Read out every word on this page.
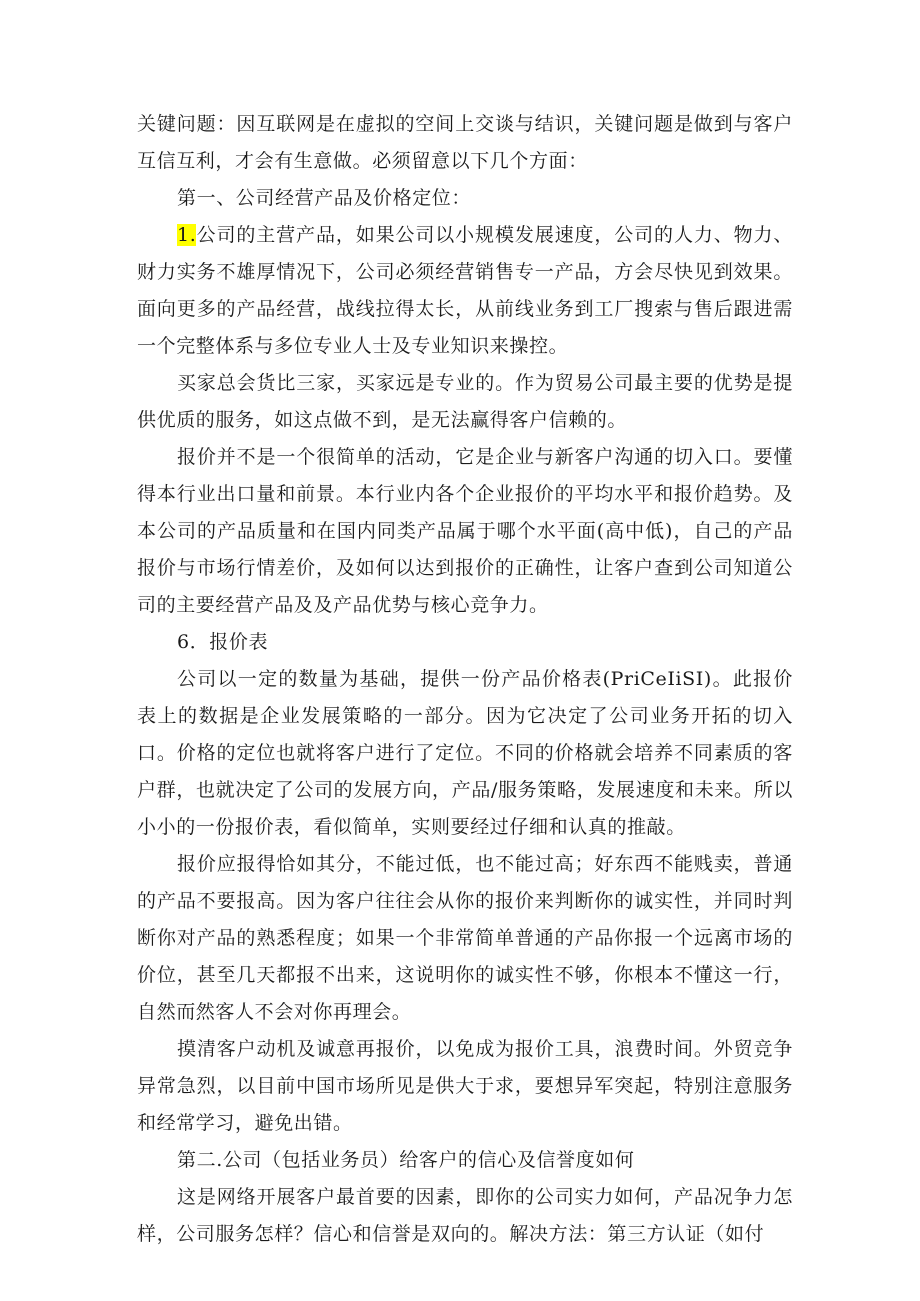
关键问题：因互联网是在虚拟的空间上交谈与结识，关键问题是做到与客户互信互利，才会有生意做。必须留意以下几个方面：

第一、公司经营产品及价格定位：

1.公司的主营产品，如果公司以小规模发展速度，公司的人力、物力、财力实务不雄厚情况下，公司必须经营销售专一产品，方会尽快见到效果。面向更多的产品经营，战线拉得太长，从前线业务到工厂搜索与售后跟进需一个完整体系与多位专业人士及专业知识来操控。

买家总会货比三家，买家远是专业的。作为贸易公司最主要的优势是提供优质的服务，如这点做不到，是无法赢得客户信赖的。

报价并不是一个很简单的活动，它是企业与新客户沟通的切入口。要懂得本行业出口量和前景。本行业内各个企业报价的平均水平和报价趋势。及本公司的产品质量和在国内同类产品属于哪个水平面(高中低)，自己的产品报价与市场行情差价，及如何以达到报价的正确性，让客户查到公司知道公司的主要经营产品及及产品优势与核心竞争力。

6．报价表

公司以一定的数量为基础，提供一份产品价格表(PriCeIiSI)。此报价表上的数据是企业发展策略的一部分。因为它决定了公司业务开拓的切入口。价格的定位也就将客户进行了定位。不同的价格就会培养不同素质的客户群，也就决定了公司的发展方向，产品/服务策略，发展速度和未来。所以小小的一份报价表，看似简单，实则要经过仔细和认真的推敲。

报价应报得恰如其分，不能过低，也不能过高；好东西不能贱卖，普通的产品不要报高。因为客户往往会从你的报价来判断你的诚实性，并同时判断你对产品的熟悉程度；如果一个非常简单普通的产品你报一个远离市场的价位，甚至几天都报不出来，这说明你的诚实性不够，你根本不懂这一行，自然而然客人不会对你再理会。

摸清客户动机及诚意再报价，以免成为报价工具，浪费时间。外贸竞争异常急烈，以目前中国市场所见是供大于求，要想异军突起，特别注意服务和经常学习，避免出错。

第二.公司（包括业务员）给客户的信心及信誉度如何

这是网络开展客户最首要的因素，即你的公司实力如何，产品况争力怎样，公司服务怎样？信心和信誉是双向的。解决方法：第三方认证（如付
